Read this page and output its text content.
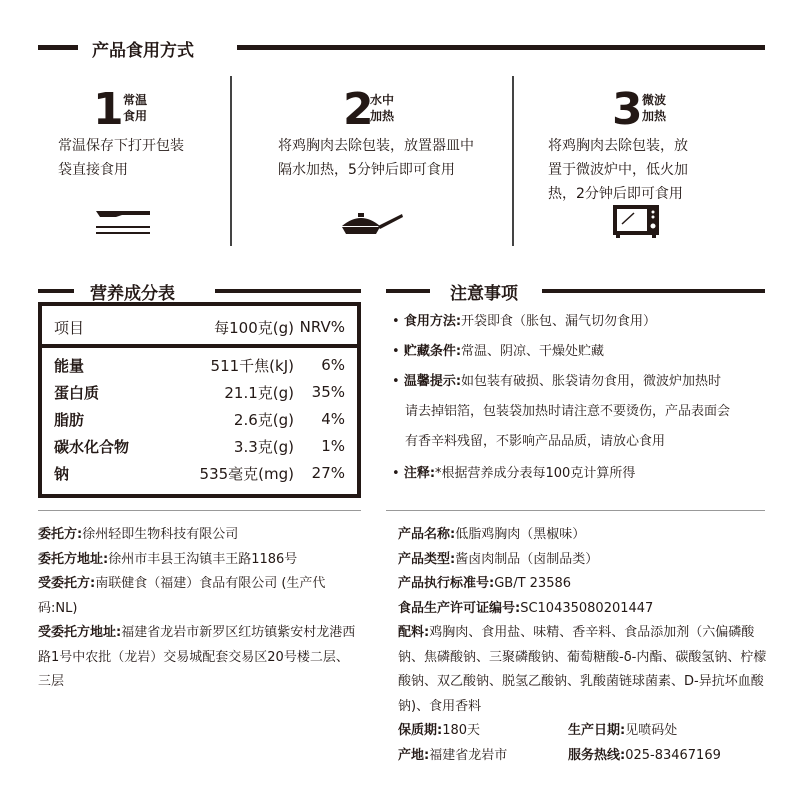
产品食用方式
1 常温
食用
常温保存下打开包装袋直接食用
2
水中
加热
将鸡胸肉去除包装，放置器皿中隔水加热，5分钟后即可食用
3 微波
加热
将鸡胸肉去除包装，放置于微波炉中，低火加热，2分钟后即可食用
营养成分表
项目	每100克(g) NRV%
能量	511千焦(kJ)	6%
蛋白质	21.1克(g)	35%
脂肪	2.6克(g)	4%
碳水化合物	3.3克(g)	1%
钠	535毫克(mg)	27%
注意事项
• 食用方法:开袋即食（胀包、漏气切勿食用）
• 贮藏条件:常温、阴凉、干燥处贮藏
• 温馨提示:如包装有破损、胀袋请勿食用，微波炉加热时
请去掉铝箔，包装袋加热时请注意不要烫伤，产品表面会
有香辛料残留，不影响产品品质，请放心食用
• 注释:*根据营养成分表每100克计算所得
委托方:徐州轻即生物科技有限公司
委托方地址:徐州市丰县王沟镇丰王路1186号
受委托方:南联健食（福建）食品有限公司 (生产代码:NL)
受委托方地址:福建省龙岩市新罗区红坊镇紫安村龙港西路1号中农批（龙岩）交易城配套交易区20号楼二层、三层
产品名称:低脂鸡胸肉（黑椒味）
产品类型:酱卤肉制品（卤制品类）
产品执行标准号:GB/T 23586
食品生产许可证编号:SC10435080201447
配料:鸡胸肉、食用盐、味精、香辛料、食品添加剂（六偏磷酸钠、焦磷酸钠、三聚磷酸钠、葡萄糖酸-δ-内酯、碳酸氢钠、柠檬酸钠、双乙酸钠、脱氢乙酸钠、乳酸菌链球菌素、D-异抗坏血酸钠)、食用香料
保质期:180天	生产日期:见喷码处
产地:福建省龙岩市	服务热线:025-83467169
